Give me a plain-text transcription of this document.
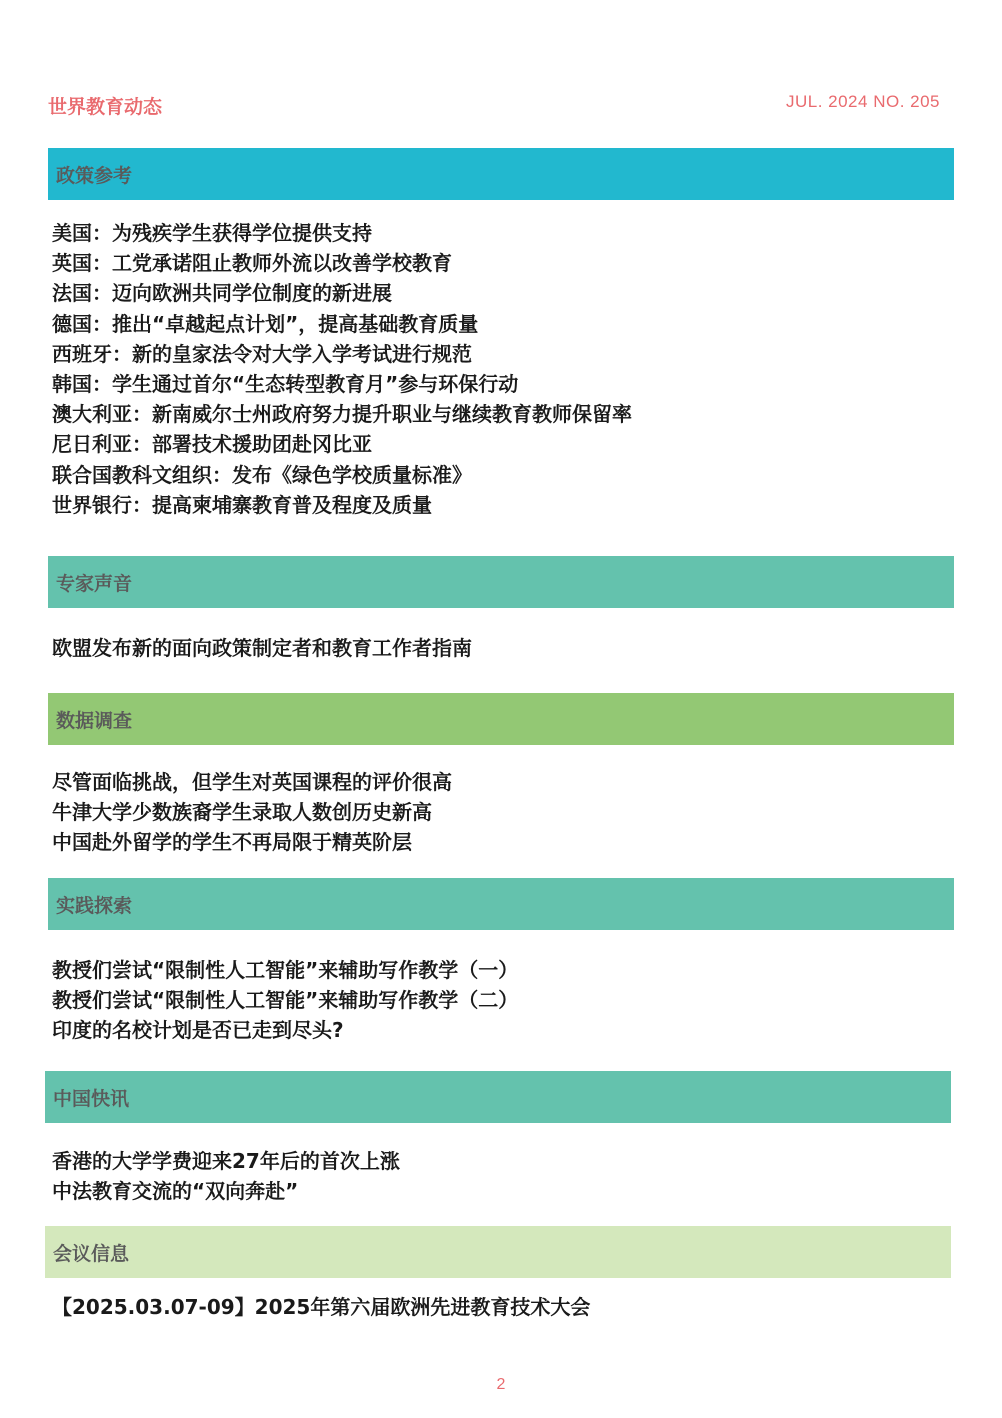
世界教育动态	JUL. 2024 NO. 205
政策参考
美国：为残疾学生获得学位提供支持
英国：工党承诺阻止教师外流以改善学校教育
法国：迈向欧洲共同学位制度的新进展
德国：推出“卓越起点计划”，提高基础教育质量
西班牙：新的皇家法令对大学入学考试进行规范
韩国：学生通过首尔“生态转型教育月”参与环保行动
澳大利亚：新南威尔士州政府努力提升职业与继续教育教师保留率
尼日利亚：部署技术援助团赴冈比亚
联合国教科文组织：发布《绿色学校质量标准》
世界银行：提高柬埔寨教育普及程度及质量
专家声音
欧盟发布新的面向政策制定者和教育工作者指南
数据调查
尽管面临挑战，但学生对英国课程的评价很高
牛津大学少数族裔学生录取人数创历史新高
中国赴外留学的学生不再局限于精英阶层
实践探索
教授们尝试“限制性人工智能”来辅助写作教学（一）
教授们尝试“限制性人工智能”来辅助写作教学（二）
印度的名校计划是否已走到尽头?
中国快讯
香港的大学学费迎来27年后的首次上涨
中法教育交流的“双向奔赴”
会议信息
【2025.03.07-09】2025年第六届欧洲先进教育技术大会
2
